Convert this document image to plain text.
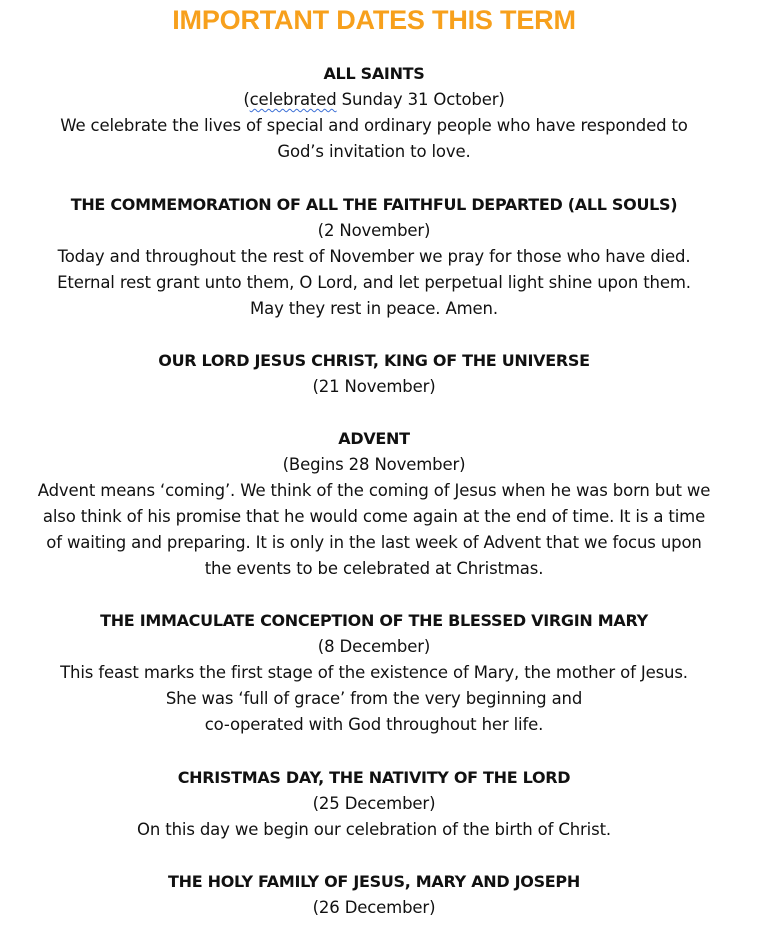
IMPORTANT DATES THIS TERM
ALL SAINTS
(celebrated Sunday 31 October)
We celebrate the lives of special and ordinary people who have responded to
God’s invitation to love.
THE COMMEMORATION OF ALL THE FAITHFUL DEPARTED (ALL SOULS)
(2 November)
Today and throughout the rest of November we pray for those who have died.
Eternal rest grant unto them, O Lord, and let perpetual light shine upon them.
May they rest in peace. Amen.
OUR LORD JESUS CHRIST, KING OF THE UNIVERSE
(21 November)
ADVENT
(Begins 28 November)
Advent means ‘coming’. We think of the coming of Jesus when he was born but we
also think of his promise that he would come again at the end of time. It is a time
of waiting and preparing. It is only in the last week of Advent that we focus upon
the events to be celebrated at Christmas.
THE IMMACULATE CONCEPTION OF THE BLESSED VIRGIN MARY
(8 December)
This feast marks the first stage of the existence of Mary, the mother of Jesus.
She was ‘full of grace’ from the very beginning and
co-operated with God throughout her life.
CHRISTMAS DAY, THE NATIVITY OF THE LORD
(25 December)
On this day we begin our celebration of the birth of Christ.
THE HOLY FAMILY OF JESUS, MARY AND JOSEPH
(26 December)
